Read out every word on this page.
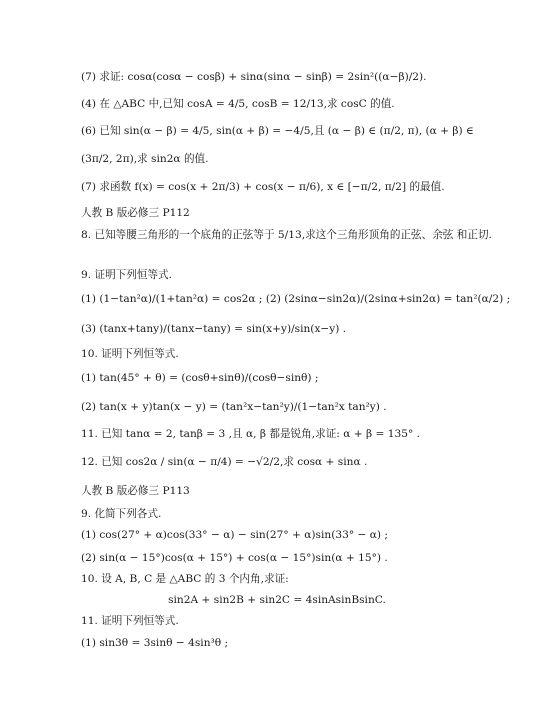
(7) 求证: cosα(cosα − cosβ) + sinα(sinα − sinβ) = 2sin²((α−β)/2).
(4) 在 △ABC 中,已知 cosA = 4/5, cosB = 12/13,求 cosC 的值.
(6) 已知 sin(α − β) = 4/5, sin(α + β) = −4/5,且 (α − β) ∈ (π/2, π), (α + β) ∈
(3π/2, 2π),求 sin2α 的值.
(7) 求函数 f(x) = cos(x + 2π/3) + cos(x − π/6), x ∈ [−π/2, π/2] 的最值.
人教 B 版必修三 P112
8. 已知等腰三角形的一个底角的正弦等于 5/13,求这个三角形顶角的正弦、余弦 和正切.
9. 证明下列恒等式.
(1) (1−tan²α)/(1+tan²α) = cos2α ; (2) (2sinα−sin2α)/(2sinα+sin2α) = tan²(α/2) ;
(3) (tanx+tany)/(tanx−tany) = sin(x+y)/sin(x−y) .
10. 证明下列恒等式.
(1) tan(45° + θ) = (cosθ+sinθ)/(cosθ−sinθ) ;
(2) tan(x + y)tan(x − y) = (tan²x−tan²y)/(1−tan²x tan²y) .
11. 已知 tanα = 2, tanβ = 3 ,且 α, β 都是锐角,求证: α + β = 135° .
12. 已知 cos2α / sin(α − π/4) = −√2/2,求 cosα + sinα .
人教 B 版必修三 P113
9. 化简下列各式.
(1) cos(27° + α)cos(33° − α) − sin(27° + α)sin(33° − α) ;
(2) sin(α − 15°)cos(α + 15°) + cos(α − 15°)sin(α + 15°) .
10. 设 A, B, C 是 △ABC 的 3 个内角,求证:
sin2A + sin2B + sin2C = 4sinAsinBsinC.
11. 证明下列恒等式.
(1) sin3θ = 3sinθ − 4sin³θ ;
